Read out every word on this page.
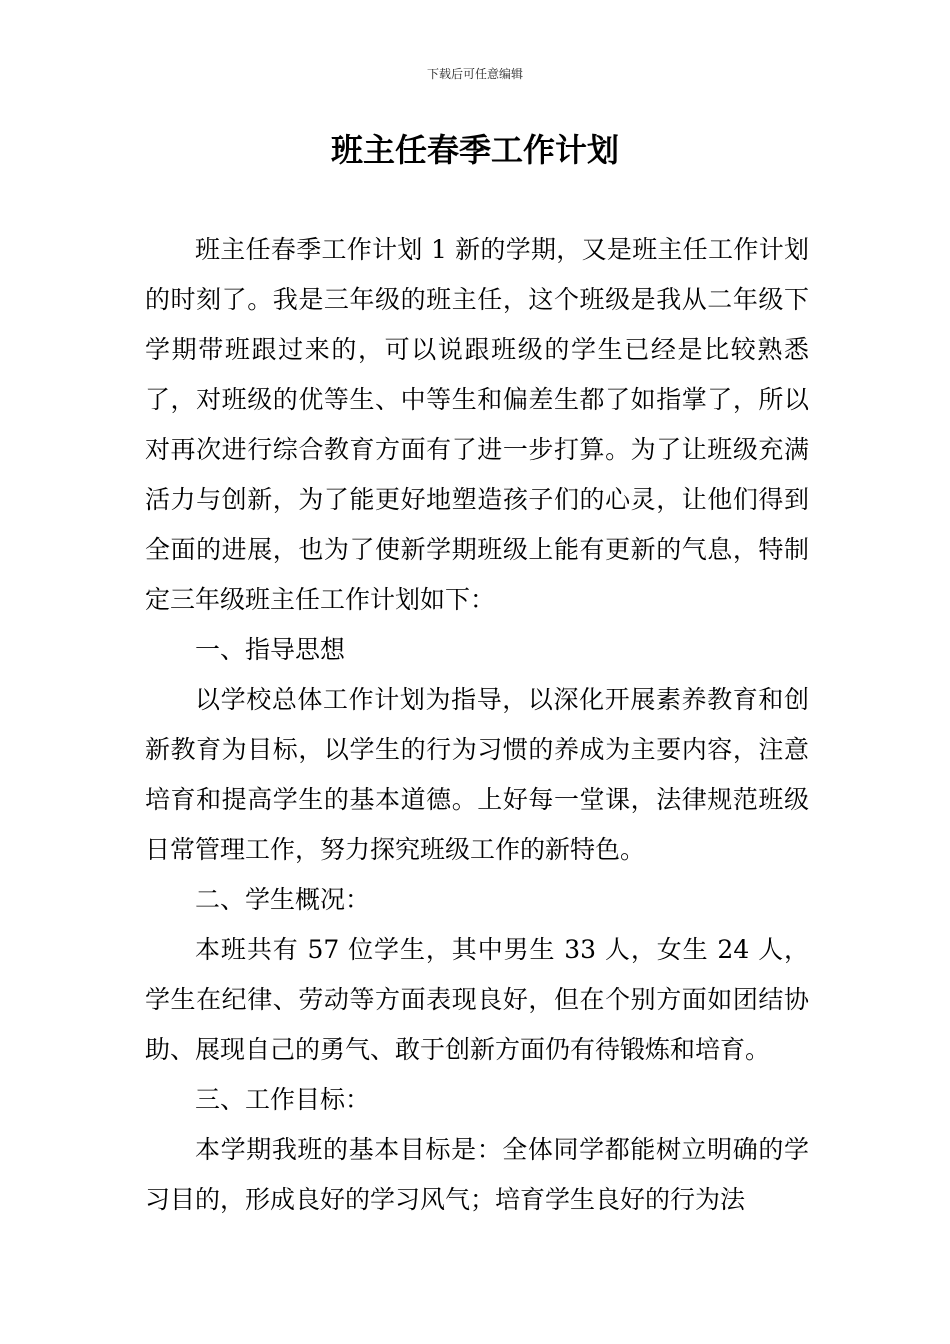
下载后可任意编辑
班主任春季工作计划

班主任春季工作计划 1 新的学期，又是班主任工作计划的时刻了。我是三年级的班主任，这个班级是我从二年级下学期带班跟过来的，可以说跟班级的学生已经是比较熟悉了，对班级的优等生、中等生和偏差生都了如指掌了，所以对再次进行综合教育方面有了进一步打算。为了让班级充满活力与创新，为了能更好地塑造孩子们的心灵，让他们得到全面的进展，也为了使新学期班级上能有更新的气息，特制定三年级班主任工作计划如下：

一、指导思想

以学校总体工作计划为指导，以深化开展素养教育和创新教育为目标，以学生的行为习惯的养成为主要内容，注意培育和提高学生的基本道德。上好每一堂课，法律规范班级日常管理工作，努力探究班级工作的新特色。

二、学生概况：

本班共有 57 位学生，其中男生 33 人，女生 24 人，学生在纪律、劳动等方面表现良好，但在个别方面如团结协助、展现自己的勇气、敢于创新方面仍有待锻炼和培育。

三、工作目标：

本学期我班的基本目标是：全体同学都能树立明确的学习目的，形成良好的学习风气；培育学生良好的行为法
